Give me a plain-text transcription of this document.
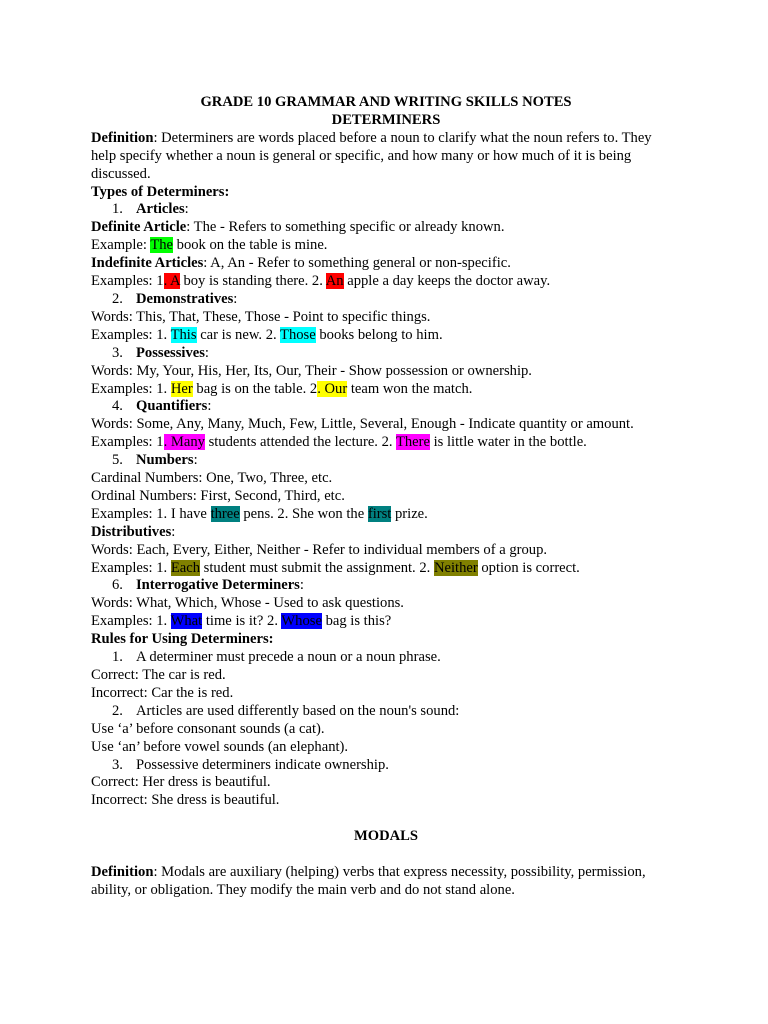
GRADE 10 GRAMMAR AND WRITING SKILLS NOTES
DETERMINERS
Definition: Determiners are words placed before a noun to clarify what the noun refers to. They
help specify whether a noun is general or specific, and how many or how much of it is being
discussed.
Types of Determiners:
1. Articles:
Definite Article: The - Refers to something specific or already known.
Example: The book on the table is mine.
Indefinite Articles: A, An - Refer to something general or non-specific.
Examples: 1. A boy is standing there. 2. An apple a day keeps the doctor away.
2. Demonstratives:
Words: This, That, These, Those - Point to specific things.
Examples: 1. This car is new. 2. Those books belong to him.
3. Possessives:
Words: My, Your, His, Her, Its, Our, Their - Show possession or ownership.
Examples: 1. Her bag is on the table. 2. Our team won the match.
4. Quantifiers:
Words: Some, Any, Many, Much, Few, Little, Several, Enough - Indicate quantity or amount.
Examples: 1. Many students attended the lecture. 2. There is little water in the bottle.
5. Numbers:
Cardinal Numbers: One, Two, Three, etc.
Ordinal Numbers: First, Second, Third, etc.
Examples: 1. I have three pens. 2. She won the first prize.
Distributives:
Words: Each, Every, Either, Neither - Refer to individual members of a group.
Examples: 1. Each student must submit the assignment. 2. Neither option is correct.
6. Interrogative Determiners:
Words: What, Which, Whose - Used to ask questions.
Examples: 1. What time is it? 2. Whose bag is this?
Rules for Using Determiners:
1. A determiner must precede a noun or a noun phrase.
Correct: The car is red.
Incorrect: Car the is red.
2. Articles are used differently based on the noun's sound:
Use ‘a’ before consonant sounds (a cat).
Use ‘an’ before vowel sounds (an elephant).
3. Possessive determiners indicate ownership.
Correct: Her dress is beautiful.
Incorrect: She dress is beautiful.
MODALS
Definition: Modals are auxiliary (helping) verbs that express necessity, possibility, permission,
ability, or obligation. They modify the main verb and do not stand alone.
